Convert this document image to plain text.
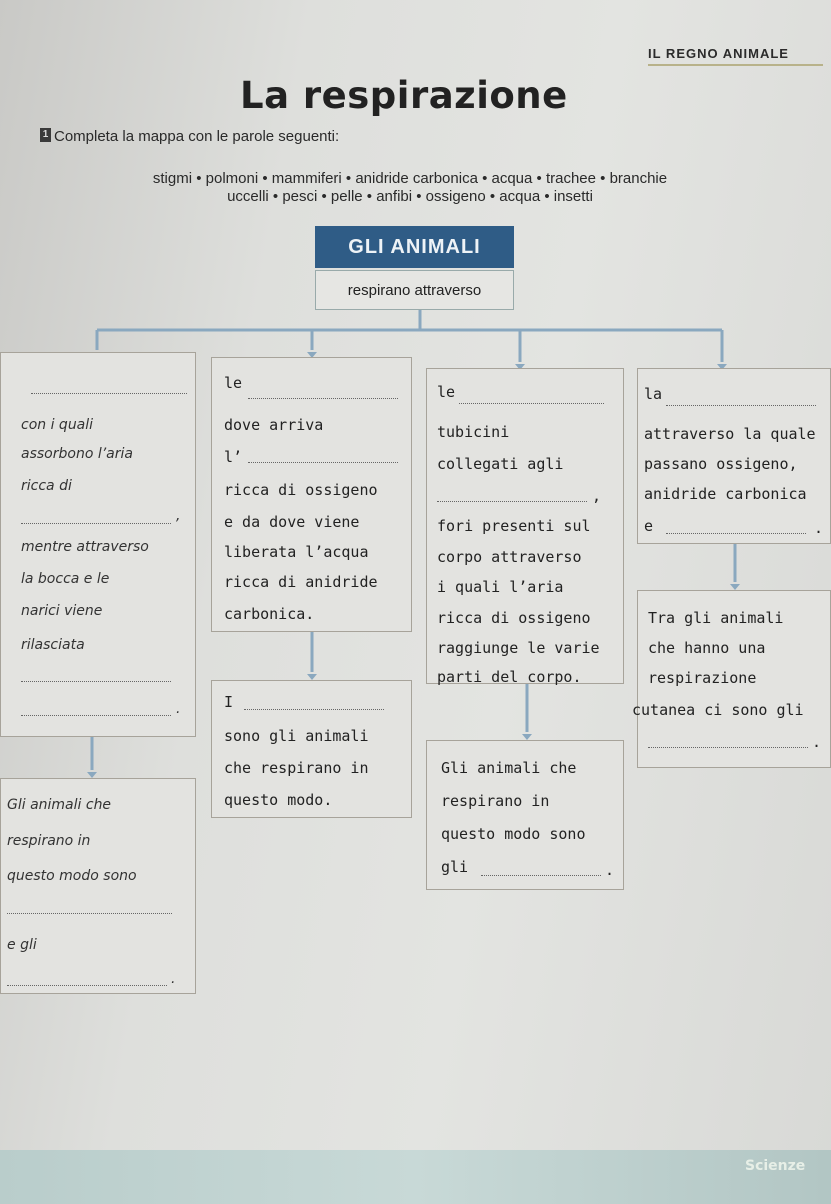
IL REGNO ANIMALE
La respirazione
1 Completa la mappa con le parole seguenti:
stigmi • polmoni • mammiferi • anidride carbonica • acqua • trachee • branchie
uccelli • pesci • pelle • anfibi • ossigeno • acqua • insetti
GLI ANIMALI
respirano attraverso
con i quali
assorbono l’aria
ricca di
,
mentre attraverso
la bocca e le
narici viene
rilasciata
.
Gli animali che
respirano in
questo modo sono
e gli
.
le
dove arriva
l’
ricca di ossigeno
e da dove viene
liberata l’acqua
ricca di anidride
carbonica.
I
sono gli animali
che respirano in
questo modo.
le
tubicini
collegati agli
,
fori presenti sul
corpo attraverso
i quali l’aria
ricca di ossigeno
raggiunge le varie
parti del corpo.
Gli animali che
respirano in
questo modo sono
gli	.
la
attraverso la quale
passano ossigeno,
anidride carbonica
e	.
Tra gli animali
che hanno una
respirazione
cutanea ci sono gli
.
Scienze
